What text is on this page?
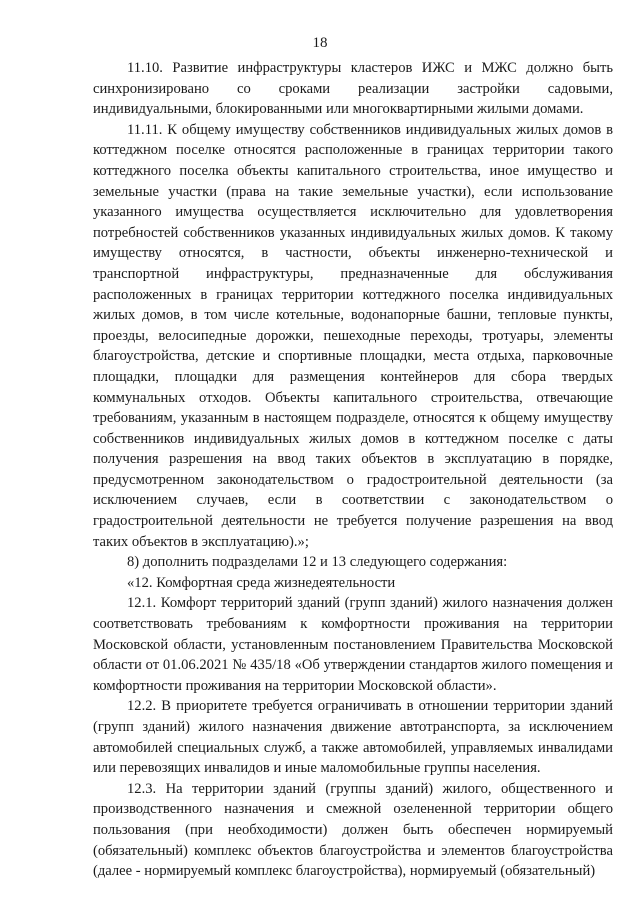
18

11.10. Развитие инфраструктуры кластеров ИЖС и МЖС должно быть синхронизировано со сроками реализации застройки садовыми, индивидуальными, блокированными или многоквартирными жилыми домами.

11.11. К общему имуществу собственников индивидуальных жилых домов в коттеджном поселке относятся расположенные в границах территории такого коттеджного поселка объекты капитального строительства, иное имущество и земельные участки (права на такие земельные участки), если использование указанного имущества осуществляется исключительно для удовлетворения потребностей собственников указанных индивидуальных жилых домов. К такому имуществу относятся, в частности, объекты инженерно-технической и транспортной инфраструктуры, предназначенные для обслуживания расположенных в границах территории коттеджного поселка индивидуальных жилых домов, в том числе котельные, водонапорные башни, тепловые пункты, проезды, велосипедные дорожки, пешеходные переходы, тротуары, элементы благоустройства, детские и спортивные площадки, места отдыха, парковочные площадки, площадки для размещения контейнеров для сбора твердых коммунальных отходов. Объекты капитального строительства, отвечающие требованиям, указанным в настоящем подразделе, относятся к общему имуществу собственников индивидуальных жилых домов в коттеджном поселке с даты получения разрешения на ввод таких объектов в эксплуатацию в порядке, предусмотренном законодательством о градостроительной деятельности (за исключением случаев, если в соответствии с законодательством о градостроительной деятельности не требуется получение разрешения на ввод таких объектов в эксплуатацию).»;

8) дополнить подразделами 12 и 13 следующего содержания:

«12. Комфортная среда жизнедеятельности

12.1. Комфорт территорий зданий (групп зданий) жилого назначения должен соответствовать требованиям к комфортности проживания на территории Московской области, установленным постановлением Правительства Московской области от 01.06.2021 № 435/18 «Об утверждении стандартов жилого помещения и комфортности проживания на территории Московской области».

12.2. В приоритете требуется ограничивать в отношении территории зданий (групп зданий) жилого назначения движение автотранспорта, за исключением автомобилей специальных служб, а также автомобилей, управляемых инвалидами или перевозящих инвалидов и иные маломобильные группы населения.

12.3. На территории зданий (группы зданий) жилого, общественного и производственного назначения и смежной озелененной территории общего пользования (при необходимости) должен быть обеспечен нормируемый (обязательный) комплекс объектов благоустройства и элементов благоустройства (далее - нормируемый комплекс благоустройства), нормируемый (обязательный)
